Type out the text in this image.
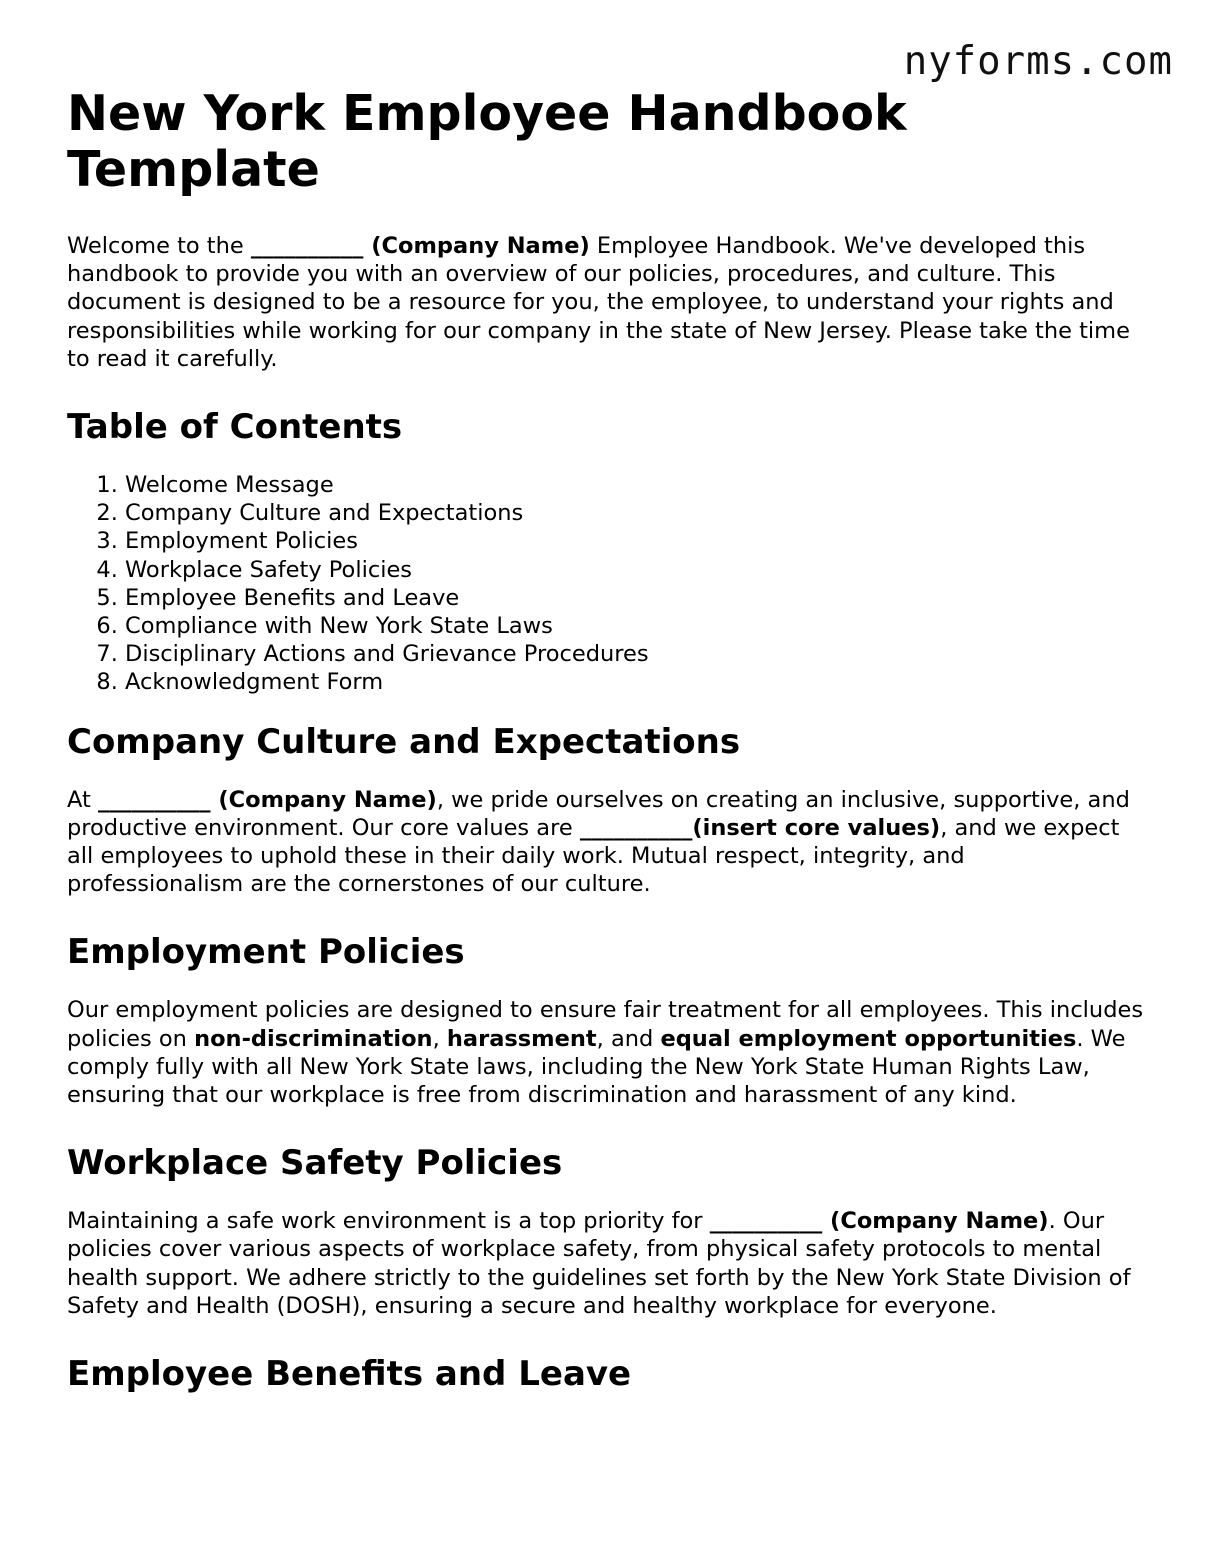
nyforms.com
New York Employee Handbook Template

Welcome to the __________ (Company Name) Employee Handbook. We've developed this handbook to provide you with an overview of our policies, procedures, and culture. This document is designed to be a resource for you, the employee, to understand your rights and responsibilities while working for our company in the state of New Jersey. Please take the time to read it carefully.

Table of Contents
1. Welcome Message
2. Company Culture and Expectations
3. Employment Policies
4. Workplace Safety Policies
5. Employee Benefits and Leave
6. Compliance with New York State Laws
7. Disciplinary Actions and Grievance Procedures
8. Acknowledgment Form
Company Culture and Expectations

At __________ (Company Name), we pride ourselves on creating an inclusive, supportive, and productive environment. Our core values are __________(insert core values), and we expect all employees to uphold these in their daily work. Mutual respect, integrity, and professionalism are the cornerstones of our culture.

Employment Policies

Our employment policies are designed to ensure fair treatment for all employees. This includes policies on non-discrimination, harassment, and equal employment opportunities. We comply fully with all New York State laws, including the New York State Human Rights Law, ensuring that our workplace is free from discrimination and harassment of any kind.

Workplace Safety Policies

Maintaining a safe work environment is a top priority for __________ (Company Name). Our policies cover various aspects of workplace safety, from physical safety protocols to mental health support. We adhere strictly to the guidelines set forth by the New York State Division of Safety and Health (DOSH), ensuring a secure and healthy workplace for everyone.

Employee Benefits and Leave
